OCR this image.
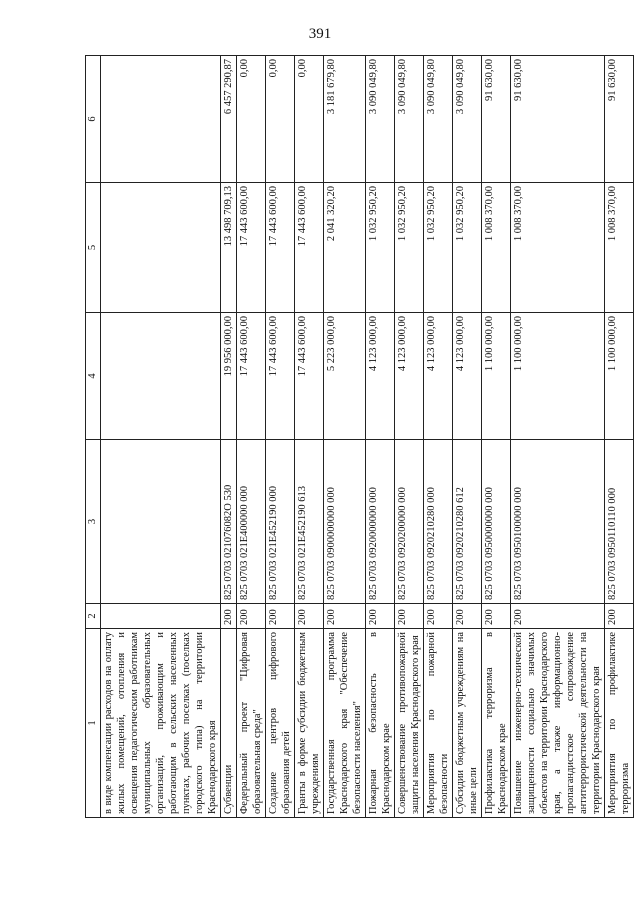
391
1	2	3	4	5	6
в виде компенсации расходов на оплату жилых помещений, отопления и освещения педагогическим работникам муниципальных образовательных организаций, проживающим и работающим в сельских населенных пунктах, рабочих поселках (поселках городского типа) на территории Краснодарского края					
Субвенции	200	825 0703 021076082О 530	19 956 000,00	13 498 709,13	6 457 290,87
Федеральный проект "Цифровая образовательная среда"	200	825 0703 021E400000 000	17 443 600,00	17 443 600,00	0,00
Создание центров цифрового образования детей	200	825 0703 021E452190 000	17 443 600,00	17 443 600,00	0,00
Гранты в форме субсидии бюджетным учреждениям	200	825 0703 021E452190 613	17 443 600,00	17 443 600,00	0,00
Государственная программа Краснодарского края "Обеспечение безопасности населения"	200	825 0703 0900000000 000	5 223 000,00	2 041 320,20	3 181 679,80
Пожарная безопасность в Краснодарском крае	200	825 0703 0920000000 000	4 123 000,00	1 032 950,20	3 090 049,80
Совершенствование противопожарной защиты населения Краснодарского края	200	825 0703 0920200000 000	4 123 000,00	1 032 950,20	3 090 049,80
Мероприятия по пожарной безопасности	200	825 0703 0920210280 000	4 123 000,00	1 032 950,20	3 090 049,80
Субсидии бюджетным учреждениям на иные цели	200	825 0703 0920210280 612	4 123 000,00	1 032 950,20	3 090 049,80
Профилактика терроризма в Краснодарском крае	200	825 0703 0950000000 000	1 100 000,00	1 008 370,00	91 630,00
Повышение инженерно-технической защищенности социально значимых объектов на территории Краснодарского края, а также информационно-пропагандистское сопровождение антитеррористической деятельности на территории Краснодарского края	200	825 0703 0950100000 000	1 100 000,00	1 008 370,00	91 630,00
Мероприятия по профилактике терроризма	200	825 0703 0950110110 000	1 100 000,00	1 008 370,00	91 630,00
